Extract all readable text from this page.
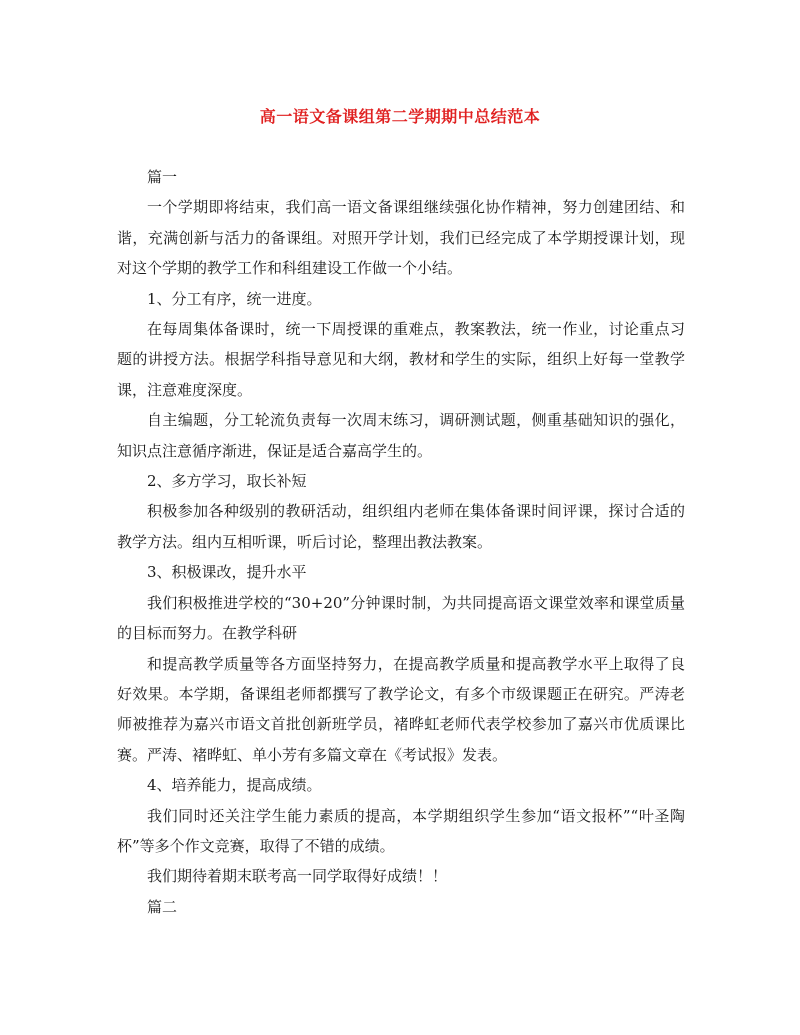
高一语文备课组第二学期期中总结范本

篇一

一个学期即将结束，我们高一语文备课组继续强化协作精神，努力创建团结、和谐，充满创新与活力的备课组。对照开学计划，我们已经完成了本学期授课计划，现对这个学期的教学工作和科组建设工作做一个小结。

1、分工有序，统一进度。

在每周集体备课时，统一下周授课的重难点，教案教法，统一作业，讨论重点习题的讲授方法。根据学科指导意见和大纲，教材和学生的实际，组织上好每一堂教学课，注意难度深度。

自主编题，分工轮流负责每一次周末练习，调研测试题，侧重基础知识的强化，知识点注意循序渐进，保证是适合嘉高学生的。

2、多方学习，取长补短

积极参加各种级别的教研活动，组织组内老师在集体备课时间评课，探讨合适的教学方法。组内互相听课，听后讨论，整理出教法教案。

3、积极课改，提升水平

我们积极推进学校的“30+20”分钟课时制，为共同提高语文课堂效率和课堂质量的目标而努力。在教学科研

和提高教学质量等各方面坚持努力，在提高教学质量和提高教学水平上取得了良好效果。本学期，备课组老师都撰写了教学论文，有多个市级课题正在研究。严涛老师被推荐为嘉兴市语文首批创新班学员，褚晔虹老师代表学校参加了嘉兴市优质课比赛。严涛、褚晔虹、单小芳有多篇文章在《考试报》发表。

4、培养能力，提高成绩。

我们同时还关注学生能力素质的提高，本学期组织学生参加“语文报杯”“叶圣陶杯”等多个作文竞赛，取得了不错的成绩。

我们期待着期末联考高一同学取得好成绩！！

篇二
